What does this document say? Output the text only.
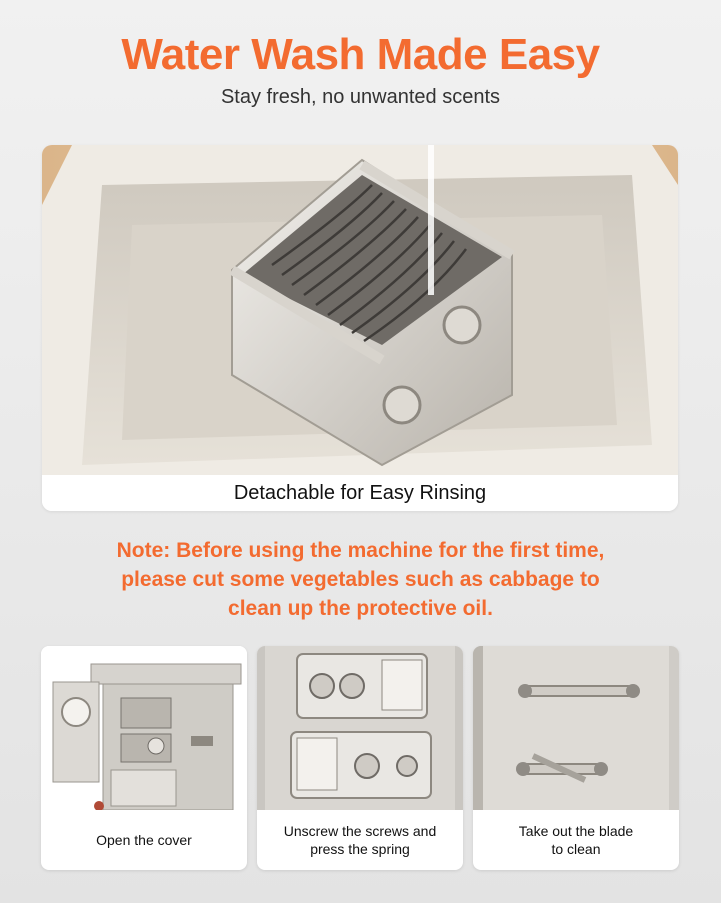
Water Wash Made Easy
Stay fresh, no unwanted scents
Detachable for Easy Rinsing
Note: Before using the machine for the first time,
please cut some vegetables such as cabbage to
clean up the protective oil.
Open the cover
Unscrew the screws and
press the spring
Take out the blade
to clean
